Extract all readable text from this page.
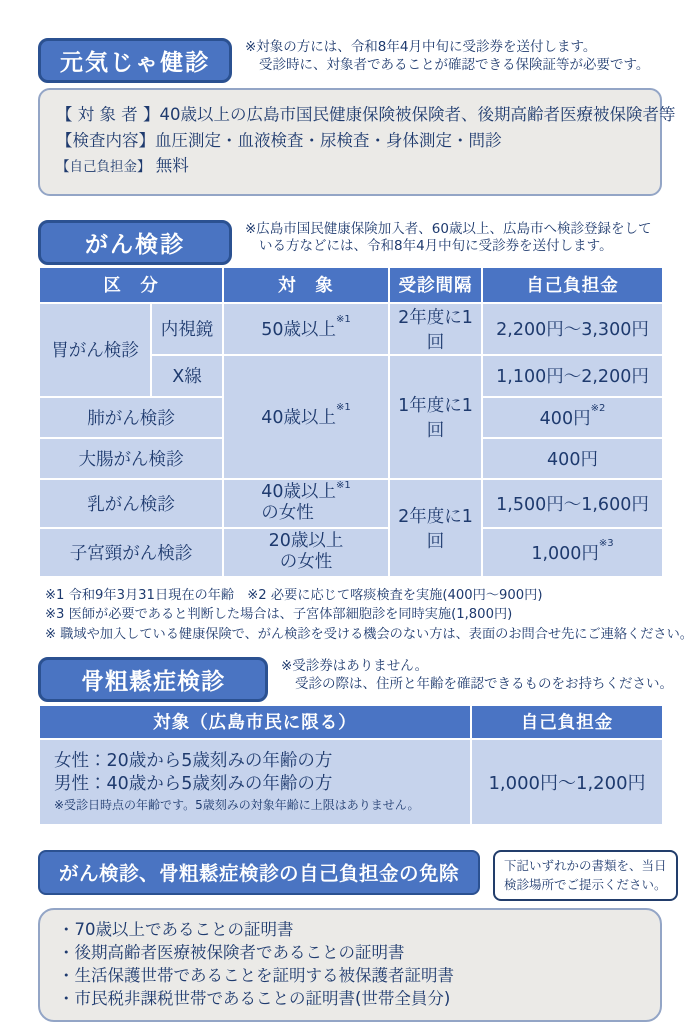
元気じゃ健診
※対象の方には、令和8年4月中旬に受診券を送付します。
受診時に、対象者であることが確認できる保険証等が必要です。
【 対 象 者 】40歳以上の広島市国民健康保険被保険者、後期高齢者医療被保険者等
【検査内容】血圧測定・血液検査・尿検査・身体測定・問診
【自己負担金】 無料
がん検診
※広島市国民健康保険加入者、60歳以上、広島市へ検診登録をして
いる方などには、令和8年4月中旬に受診券を送付します。
区　分		対　象	受診間隔	自己負担金
胃がん検診	内視鏡	50歳以上$^{※1}$	2年度に1回	2,200円～3,300円
	X線	40歳以上$^{※1}$	1年度に1回	1,100円～2,200円
肺がん検診				400円$^{※2}$
大腸がん検診				400円
乳がん検診		40歳以上$^{※1}$
の女性	2年度に1回	1,500円～1,600円
子宮頸がん検診		20歳以上
の女性		1,000円$^{※3}$
※1 令和9年3月31日現在の年齢　※2 必要に応じて喀痰検査を実施(400円～900円)
※3 医師が必要であると判断した場合は、子宮体部細胞診を同時実施(1,800円)
※ 職域や加入している健康保険で、がん検診を受ける機会のない方は、表面のお問合せ先にご連絡ください。
骨粗鬆症検診
※受診券はありません。
受診の際は、住所と年齢を確認できるものをお持ちください。
対象（広島市民に限る）	自己負担金

女性：20歳から5歳刻みの年齢の方
男性：40歳から5歳刻みの年齢の方
※受診日時点の年齢です。5歳刻みの対象年齢に上限はありません。	1,000円～1,200円
がん検診、骨粗鬆症検診の自己負担金の免除	下記いずれかの書類を、当日
検診場所でご提示ください。
・70歳以上であることの証明書
・後期高齢者医療被保険者であることの証明書
・生活保護世帯であることを証明する被保護者証明書
・市民税非課税世帯であることの証明書(世帯全員分)
